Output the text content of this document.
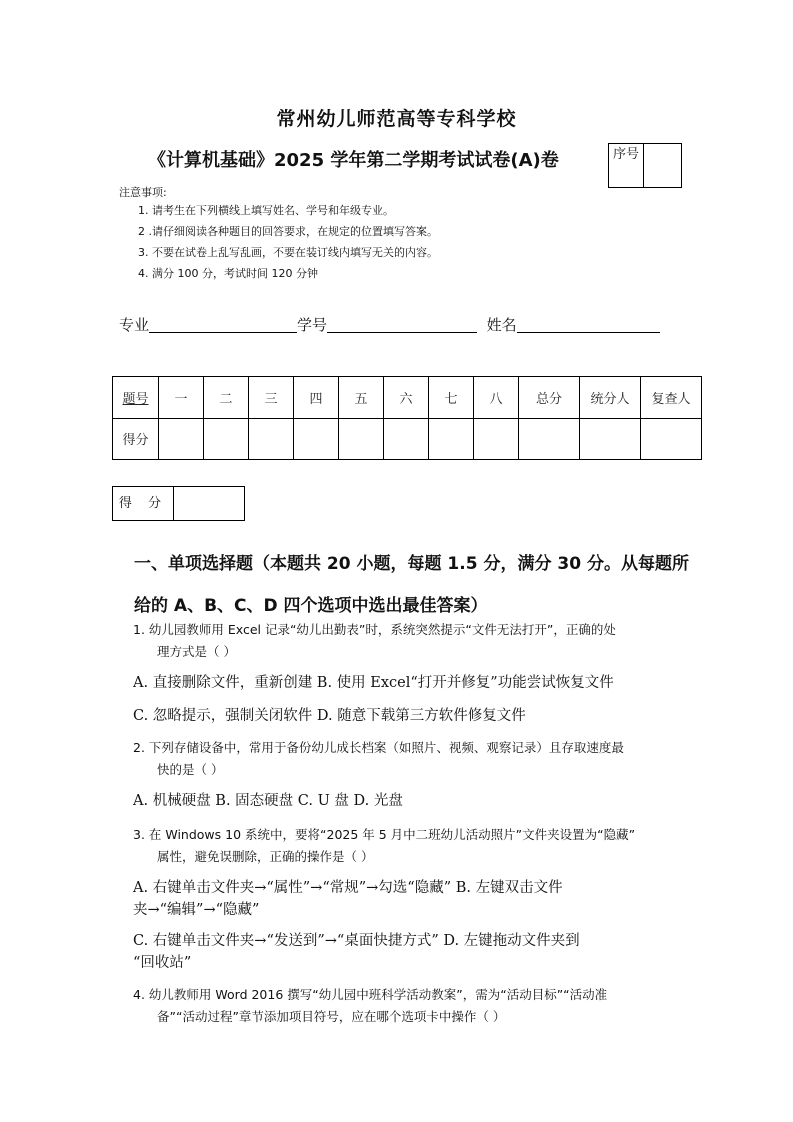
常州幼儿师范高等专科学校
《计算机基础》2025 学年第二学期考试试卷(A)卷	序号
注意事项:
1. 请考生在下列横线上填写姓名、学号和年级专业。
2 .请仔细阅读各种题目的回答要求，在规定的位置填写答案。
3. 不要在试卷上乱写乱画，不要在装订线内填写无关的内容。
4. 满分 100 分，考试时间 120 分钟
专业	学号	姓名
题号	一	二	三	四	五	六	七	八	总分	统分人	复查人
得分											
得 分
一、单项选择题（本题共 20 小题，每题 1.5 分，满分 30 分。从每题所给的 A、B、C、D 四个选项中选出最佳答案）
1. 幼儿园教师用 Excel 记录“幼儿出勤表”时，系统突然提示“文件无法打开”，正确的处
理方式是（ ）
A. 直接删除文件，重新创建 B. 使用 Excel“打开并修复”功能尝试恢复文件
C. 忽略提示，强制关闭软件 D. 随意下载第三方软件修复文件
2. 下列存储设备中，常用于备份幼儿成长档案（如照片、视频、观察记录）且存取速度最
快的是（ ）
A. 机械硬盘 B. 固态硬盘 C. U 盘 D. 光盘
3. 在 Windows 10 系统中，要将“2025 年 5 月中二班幼儿活动照片”文件夹设置为“隐藏”
属性，避免误删除，正确的操作是（ ）
A. 右键单击文件夹→“属性”→“常规”→勾选“隐藏” B. 左键双击文件
夹→“编辑”→“隐藏”
C. 右键单击文件夹→“发送到”→“桌面快捷方式” D. 左键拖动文件夹到
“回收站”
4. 幼儿教师用 Word 2016 撰写“幼儿园中班科学活动教案”，需为“活动目标”“活动准
备”“活动过程”章节添加项目符号，应在哪个选项卡中操作（ ）
